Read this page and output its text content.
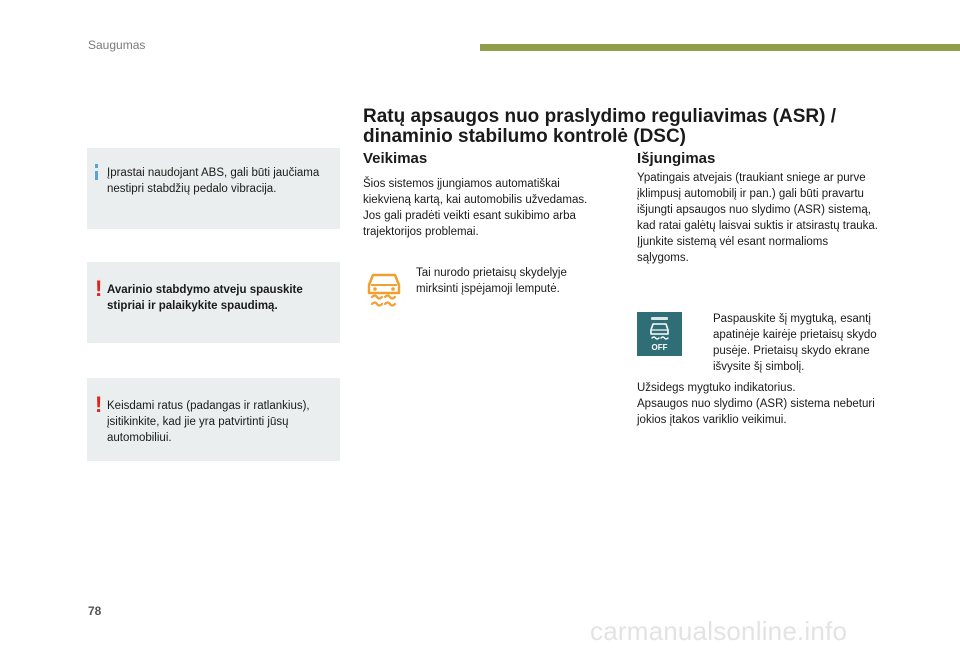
Saugumas
Įprastai naudojant ABS, gali būti jaučiama
nestipri stabdžių pedalo vibracija.
! Avarinio stabdymo atveju spauskite
stipriai ir palaikykite spaudimą.
! Keisdami ratus (padangas ir ratlankius),
įsitikinkite, kad jie yra patvirtinti jūsų
automobiliui.
Ratų apsaugos nuo praslydimo reguliavimas (ASR) /
dinaminio stabilumo kontrolė (DSC)
Veikimas
Šios sistemos įjungiamos automatiškai
kiekvieną kartą, kai automobilis užvedamas.
Jos gali pradėti veikti esant sukibimo arba
trajektorijos problemai.
Tai nurodo prietaisų skydelyje
mirksinti įspėjamoji lemputė.
Išjungimas
Ypatingais atvejais (traukiant sniege ar purve
įklimpusį automobilį ir pan.) gali būti pravartu
išjungti apsaugos nuo slydimo (ASR) sistemą,
kad ratai galėtų laisvai suktis ir atsirastų trauka.
Įjunkite sistemą vėl esant normalioms
sąlygoms.
OFF
Paspauskite šį mygtuką, esantį
apatinėje kairėje prietaisų skydo
pusėje. Prietaisų skydo ekrane
išvysite šį simbolį.
Užsidegs mygtuko indikatorius.
Apsaugos nuo slydimo (ASR) sistema nebeturi
jokios įtakos variklio veikimui.
78
carmanualsonline.info
